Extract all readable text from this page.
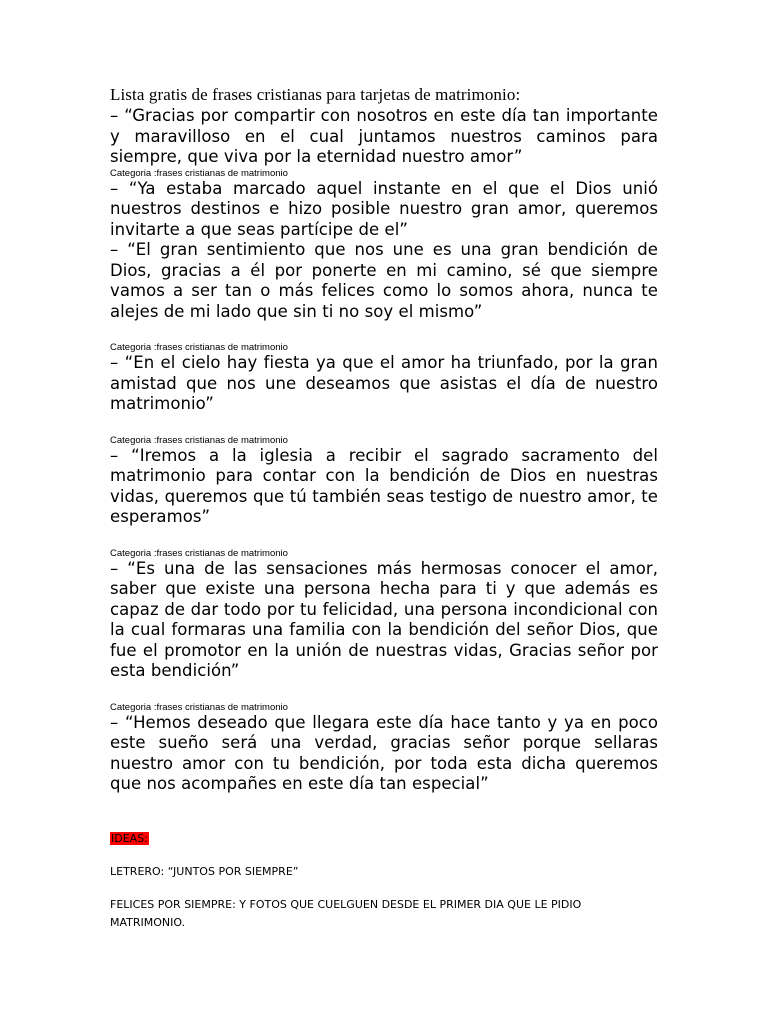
Lista gratis de frases cristianas para tarjetas de matrimonio:

– “Gracias por compartir con nosotros en este día tan importante y maravilloso en el cual juntamos nuestros caminos para siempre, que viva por la eternidad nuestro amor”

Categoria :frases cristianas de matrimonio

– “Ya estaba marcado aquel instante en el que el Dios unió nuestros destinos e hizo posible nuestro gran amor, queremos invitarte a que seas partícipe de el”

– “El gran sentimiento que nos une es una gran bendición de Dios, gracias a él por ponerte en mi camino, sé que siempre vamos a ser tan o más felices como lo somos ahora, nunca te alejes de mi lado que sin ti no soy el mismo”

Categoria :frases cristianas de matrimonio

– “En el cielo hay fiesta ya que el amor ha triunfado, por la gran amistad que nos une deseamos que asistas el día de nuestro matrimonio”

Categoria :frases cristianas de matrimonio

– “Iremos a la iglesia a recibir el sagrado sacramento del matrimonio para contar con la bendición de Dios en nuestras vidas, queremos que tú también seas testigo de nuestro amor, te esperamos”

Categoria :frases cristianas de matrimonio

– “Es una de las sensaciones más hermosas conocer el amor, saber que existe una persona hecha para ti y que además es capaz de dar todo por tu felicidad, una persona incondicional con la cual formaras una familia con la bendición del señor Dios, que fue el promotor en la unión de nuestras vidas, Gracias señor por esta bendición”

Categoria :frases cristianas de matrimonio

– “Hemos deseado que llegara este día hace tanto y ya en poco este sueño será una verdad, gracias señor porque sellaras nuestro amor con tu bendición, por toda esta dicha queremos que nos acompañes en este día tan especial”

IDEAS:

LETRERO: “JUNTOS POR SIEMPRE”

FELICES POR SIEMPRE: Y FOTOS QUE CUELGUEN DESDE EL PRIMER DIA QUE LE PIDIO MATRIMONIO.
